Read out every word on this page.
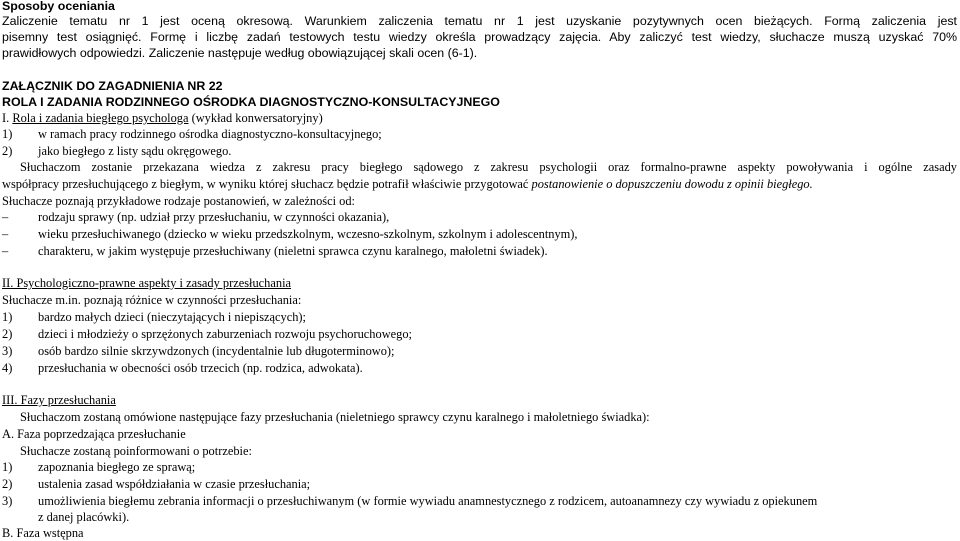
Sposoby oceniania
Zaliczenie tematu nr 1 jest oceną okresową. Warunkiem zaliczenia tematu nr 1 jest uzyskanie pozytywnych ocen bieżących. Formą zaliczenia jest
pisemny test osiągnięć. Formę i liczbę zadań testowych testu wiedzy określa prowadzący zajęcia. Aby zaliczyć test wiedzy, słuchacze muszą uzyskać 70%
prawidłowych odpowiedzi. Zaliczenie następuje według obowiązującej skali ocen (6-1).
ZAŁĄCZNIK DO ZAGADNIENIA NR 22
ROLA I ZADANIA RODZINNEGO OŚRODKA DIAGNOSTYCZNO-KONSULTACYJNEGO
I. Rola i zadania biegłego psychologa (wykład konwersatoryjny)
1) w ramach pracy rodzinnego ośrodka diagnostyczno-konsultacyjnego;
2) jako biegłego z listy sądu okręgowego.
Słuchaczom zostanie przekazana wiedza z zakresu pracy biegłego sądowego z zakresu psychologii oraz formalno-prawne aspekty powoływania i ogólne zasady
współpracy przesłuchującego z biegłym, w wyniku której słuchacz będzie potrafił właściwie przygotować postanowienie o dopuszczeniu dowodu z opinii biegłego.
Słuchacze poznają przykładowe rodzaje postanowień, w zależności od:
– rodzaju sprawy (np. udział przy przesłuchaniu, w czynności okazania),
– wieku przesłuchiwanego (dziecko w wieku przedszkolnym, wczesno-szkolnym, szkolnym i adolescentnym),
– charakteru, w jakim występuje przesłuchiwany (nieletni sprawca czynu karalnego, małoletni świadek).
II. Psychologiczno-prawne aspekty i zasady przesłuchania
Słuchacze m.in. poznają różnice w czynności przesłuchania:
1) bardzo małych dzieci (nieczytających i niepiszących);
2) dzieci i młodzieży o sprzężonych zaburzeniach rozwoju psychoruchowego;
3) osób bardzo silnie skrzywdzonych (incydentalnie lub długoterminowo);
4) przesłuchania w obecności osób trzecich (np. rodzica, adwokata).
III. Fazy przesłuchania
Słuchaczom zostaną omówione następujące fazy przesłuchania (nieletniego sprawcy czynu karalnego i małoletniego świadka):
A. Faza poprzedzająca przesłuchanie
Słuchacze zostaną poinformowani o potrzebie:
1) zapoznania biegłego ze sprawą;
2) ustalenia zasad współdziałania w czasie przesłuchania;
3) umożliwienia biegłemu zebrania informacji o przesłuchiwanym (w formie wywiadu anamnestycznego z rodzicem, autoanamnezy czy wywiadu z opiekunem
z danej placówki).
B. Faza wstępna
